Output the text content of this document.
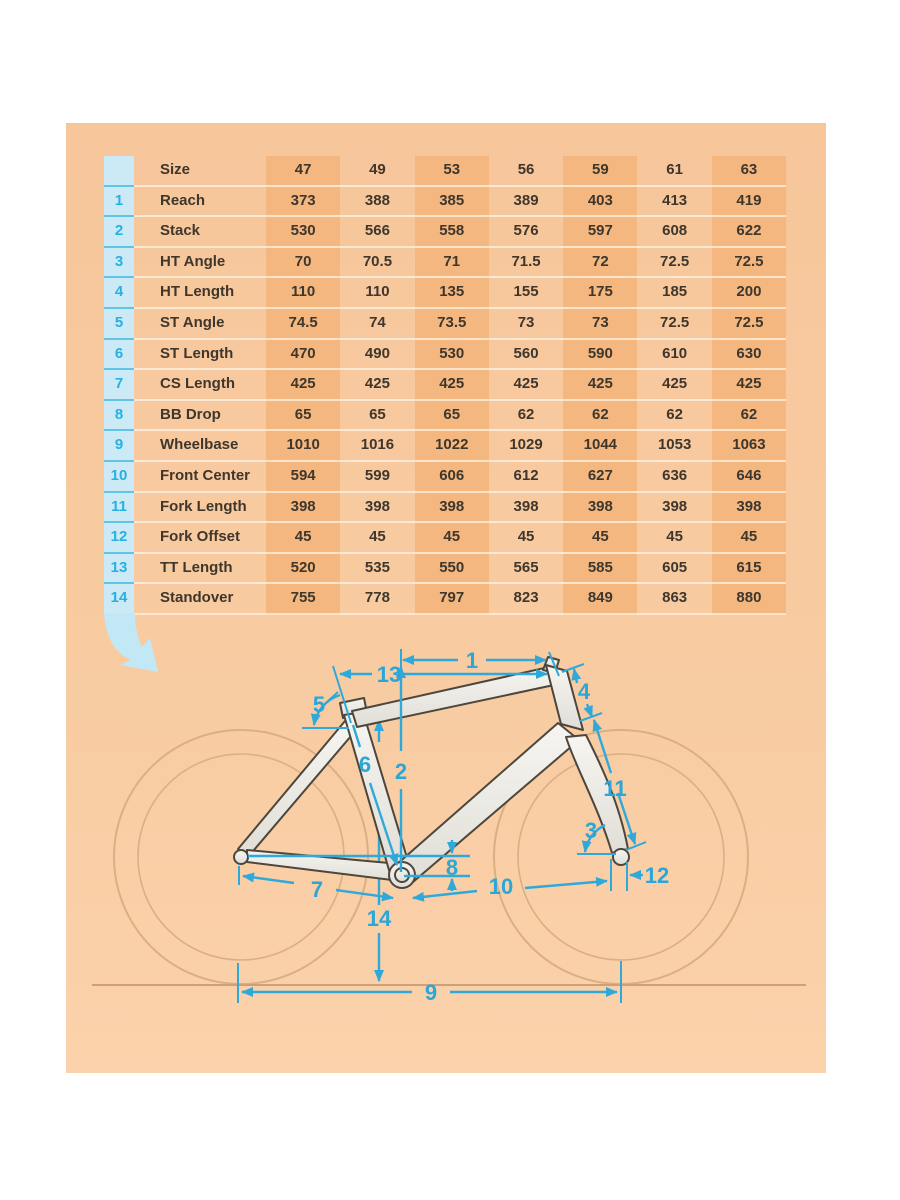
Size	47	49	53	56	59	61	63
1	Reach	373	388	385	389	403	413	419
2	Stack	530	566	558	576	597	608	622
3	HT Angle	70	70.5	71	71.5	72	72.5	72.5
4	HT Length	110	110	135	155	175	185	200
5	ST Angle	74.5	74	73.5	73	73	72.5	72.5
6	ST Length	470	490	530	560	590	610	630
7	CS Length	425	425	425	425	425	425	425
8	BB Drop	65	65	65	62	62	62	62
9	Wheelbase	1010	1016	1022	1029	1044	1053	1063
10	Front Center	594	599	606	612	627	636	646
11	Fork Length	398	398	398	398	398	398	398
12	Fork Offset	45	45	45	45	45	45	45
13	TT Length	520	535	550	565	585	605	615
14	Standover	755	778	797	823	849	863	880
1
2
13
5
4
11
3
8
7	10	12
6
9
14
